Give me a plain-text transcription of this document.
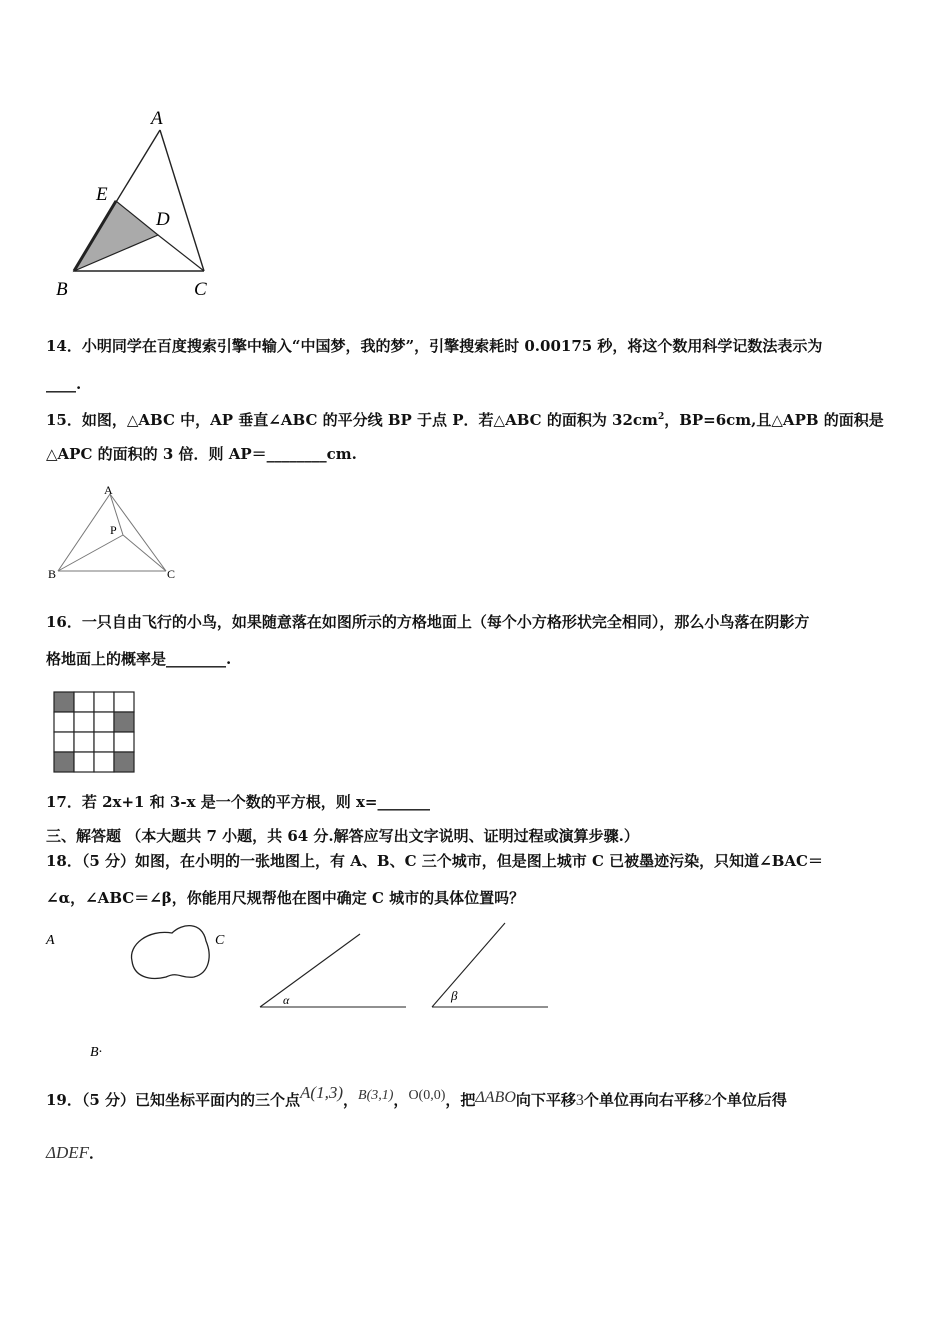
A
E
D
B	C
14．小明同学在百度搜索引擎中输入“中国梦，我的梦”，引擎搜索耗时 0.00175 秒，将这个数用科学记数法表示为
____.
15．如图，△ABC 中，AP 垂直∠ABC 的平分线 BP 于点 P．若△ABC 的面积为 $32cm^2$，BP=6cm,且△APB 的面积是
△APC 的面积的 3 倍．则 AP＝________cm.
A
P
B	C
16．一只自由飞行的小鸟，如果随意落在如图所示的方格地面上（每个小方格形状完全相同），那么小鸟落在阴影方
格地面上的概率是________.
17．若 2x+1 和 3-x 是一个数的平方根，则 x=_______
三、解答题 （本大题共 7 小题，共 64 分.解答应写出文字说明、证明过程或演算步骤.）
18．（5 分）如图，在小明的一张地图上，有 A、B、C 三个城市，但是图上城市 C 已被墨迹污染，只知道∠BAC＝
∠α，∠ABC＝∠β，你能用尺规帮他在图中确定 C 城市的具体位置吗？
A	C
α	β
B·
19．（5 分）已知坐标平面内的三个点A(1,3)，B(3,1)，O(0,0)，把ΔABO向下平移3个单位再向右平移2个单位后得
ΔDEF．
